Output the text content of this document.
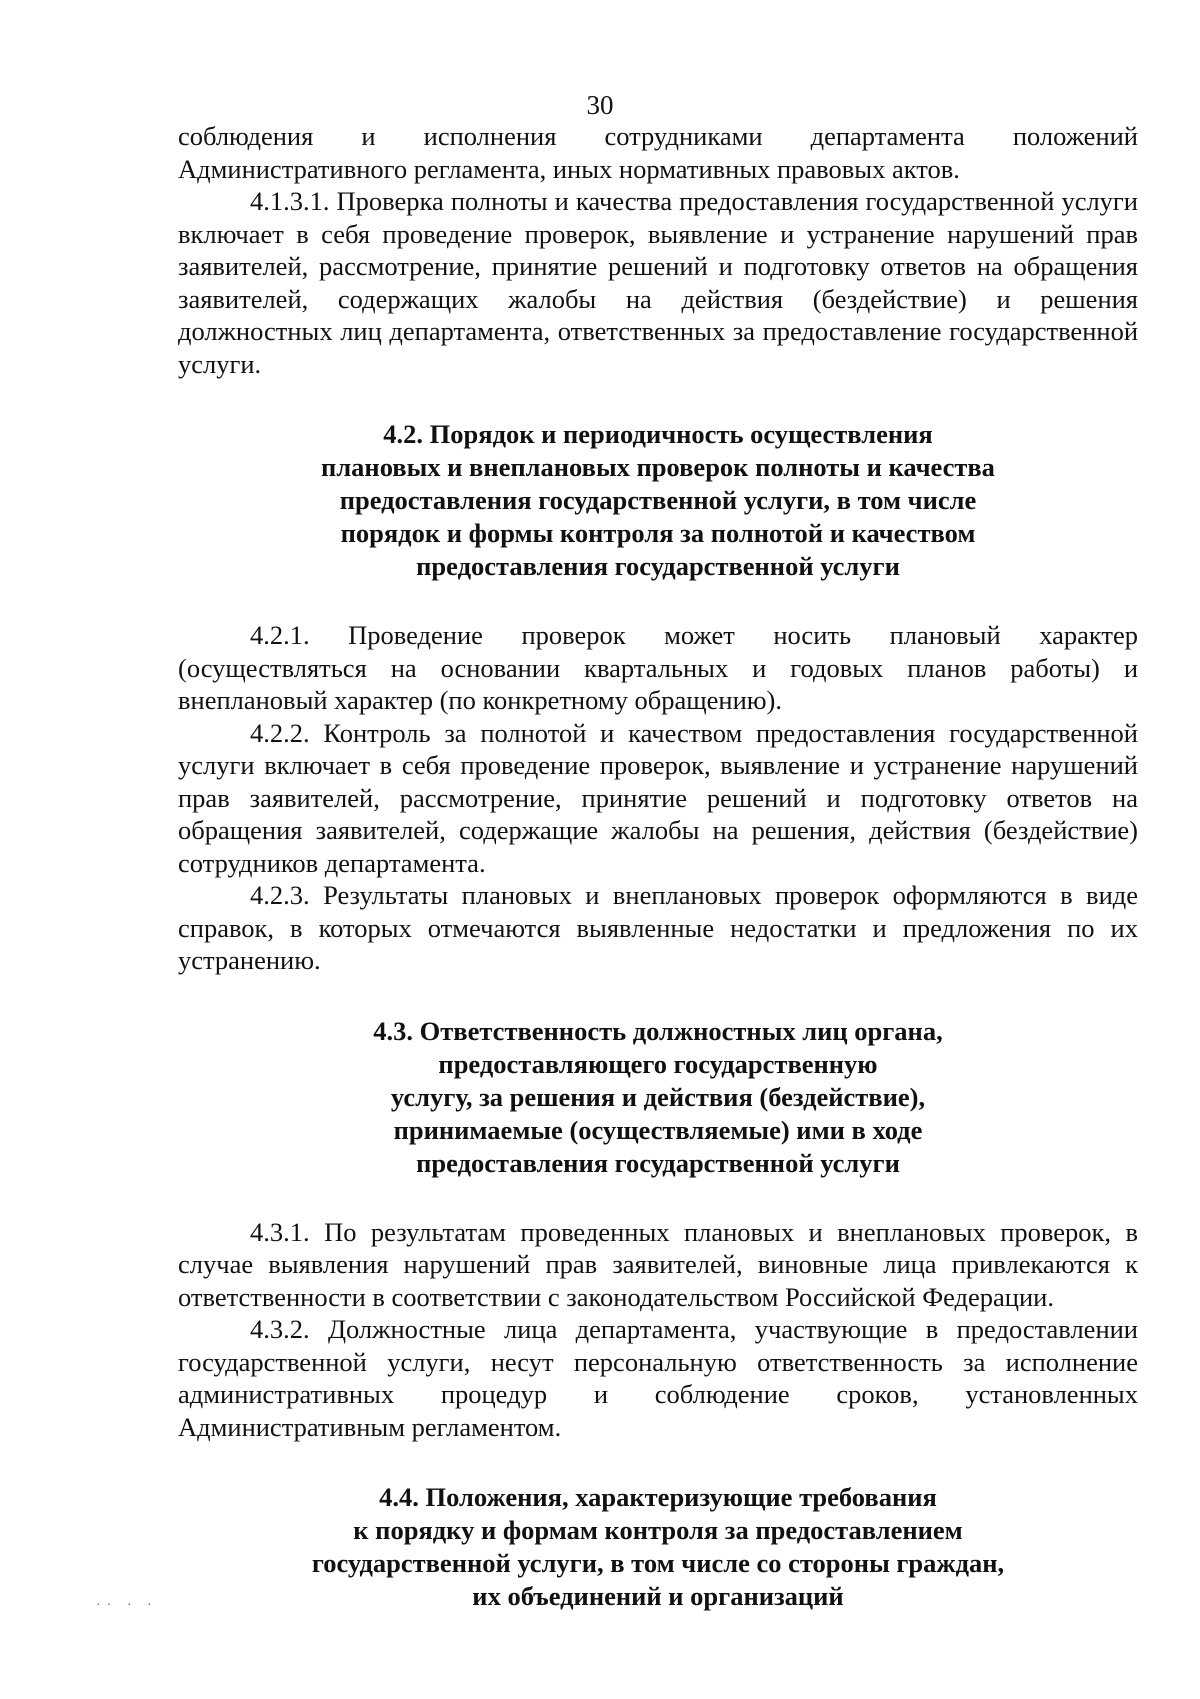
30

соблюдения и исполнения сотрудниками департамента положений Административного регламента, иных нормативных правовых актов.

4.1.3.1. Проверка полноты и качества предоставления государственной услуги включает в себя проведение проверок, выявление и устранение нарушений прав заявителей, рассмотрение, принятие решений и подготовку ответов на обращения заявителей, содержащих жалобы на действия (бездействие) и решения должностных лиц департамента, ответственных за предоставление государственной услуги.

4.2. Порядок и периодичность осуществления
плановых и внеплановых проверок полноты и качества
предоставления государственной услуги, в том числе
порядок и формы контроля за полнотой и качеством
предоставления государственной услуги

4.2.1. Проведение проверок может носить плановый характер (осуществляться на основании квартальных и годовых планов работы) и внеплановый характер (по конкретному обращению).

4.2.2. Контроль за полнотой и качеством предоставления государственной услуги включает в себя проведение проверок, выявление и устранение нарушений прав заявителей, рассмотрение, принятие решений и подготовку ответов на обращения заявителей, содержащие жалобы на решения, действия (бездействие) сотрудников департамента.

4.2.3. Результаты плановых и внеплановых проверок оформляются в виде справок, в которых отмечаются выявленные недостатки и предложения по их устранению.

4.3. Ответственность должностных лиц органа,
предоставляющего государственную
услугу, за решения и действия (бездействие),
принимаемые (осуществляемые) ими в ходе
предоставления государственной услуги

4.3.1. По результатам проведенных плановых и внеплановых проверок, в случае выявления нарушений прав заявителей, виновные лица привлекаются к ответственности в соответствии с законодательством Российской Федерации.

4.3.2. Должностные лица департамента, участвующие в предоставлении государственной услуги, несут персональную ответственность за исполнение административных процедур и соблюдение сроков, установленных Административным регламентом.

4.4. Положения, характеризующие требования
к порядку и формам контроля за предоставлением
государственной услуги, в том числе со стороны граждан,
их объединений и организаций
·· · ·
